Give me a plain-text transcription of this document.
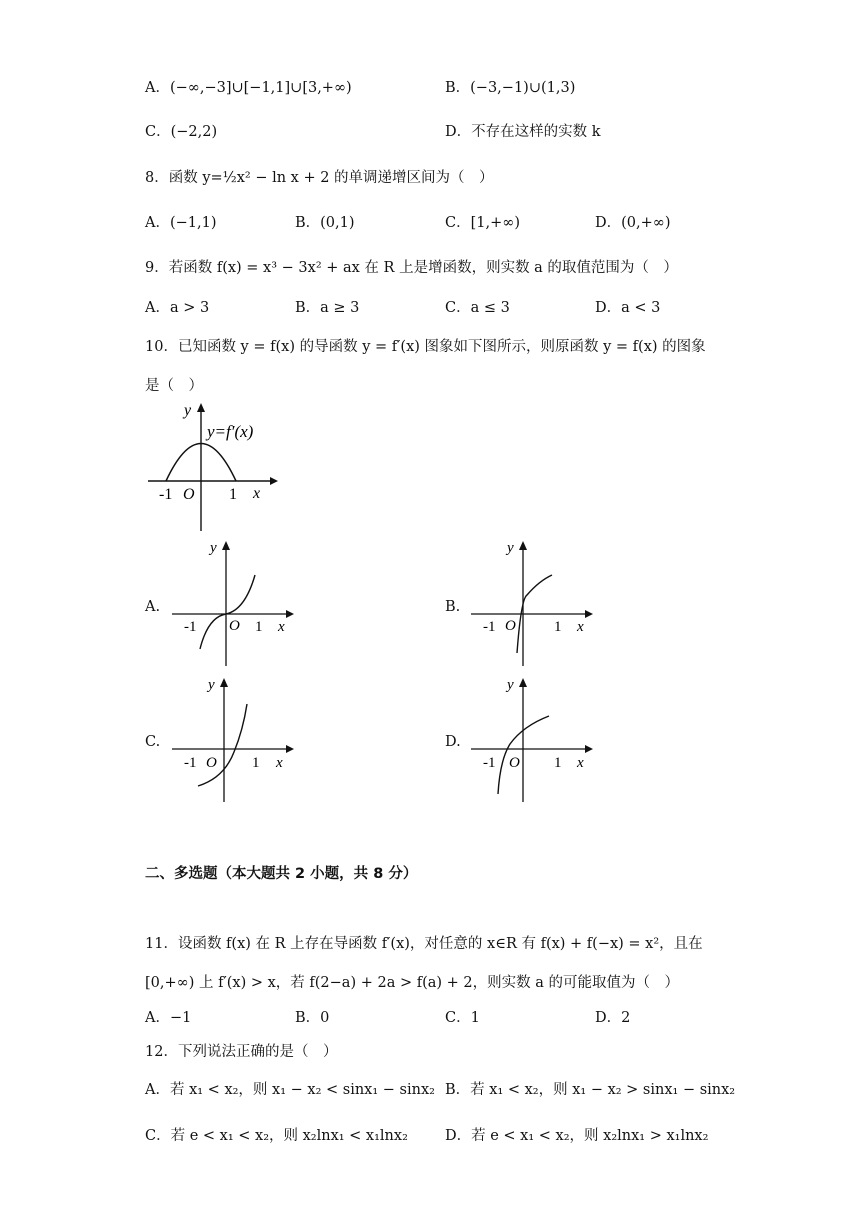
A．(−∞,−3]∪[−1,1]∪[3,+∞)	B．(−3,−1)∪(1,3)
C．(−2,2)	D．不存在这样的实数 k
8．函数 y=½x² − ln x + 2 的单调递增区间为（　）
A．(−1,1)	B．(0,1)	C．[1,+∞)	D．(0,+∞)
9．若函数 f(x) = x³ − 3x² + ax 在 R 上是增函数，则实数 a 的取值范围为（　）
A．a > 3	B．a ≥ 3	C．a ≤ 3	D．a < 3
10．已知函数 y = f(x) 的导函数 y = f′(x) 图象如下图所示，则原函数 y = f(x) 的图象
是（　）
y
y=f′(x)
-1 O 1 x
A.
y
-1 O 1 x
B.
y
-1 O	1 x
C.
y
-1 O 1 x
D.
y
-1 O 1 x
二、多选题（本大题共 2 小题，共 8 分）
11．设函数 f(x) 在 R 上存在导函数 f′(x)，对任意的 x∈R 有 f(x) + f(−x) = x²，且在
[0,+∞) 上 f′(x) > x，若 f(2−a) + 2a > f(a) + 2，则实数 a 的可能取值为（　）
A．−1	B．0	C．1	D．2
12．下列说法正确的是（　）
A．若 x₁ < x₂，则 x₁ − x₂ < sinx₁ − sinx₂ B．若 x₁ < x₂，则 x₁ − x₂ > sinx₁ − sinx₂
C．若 e < x₁ < x₂，则 x₂lnx₁ < x₁lnx₂	D．若 e < x₁ < x₂，则 x₂lnx₁ > x₁lnx₂
